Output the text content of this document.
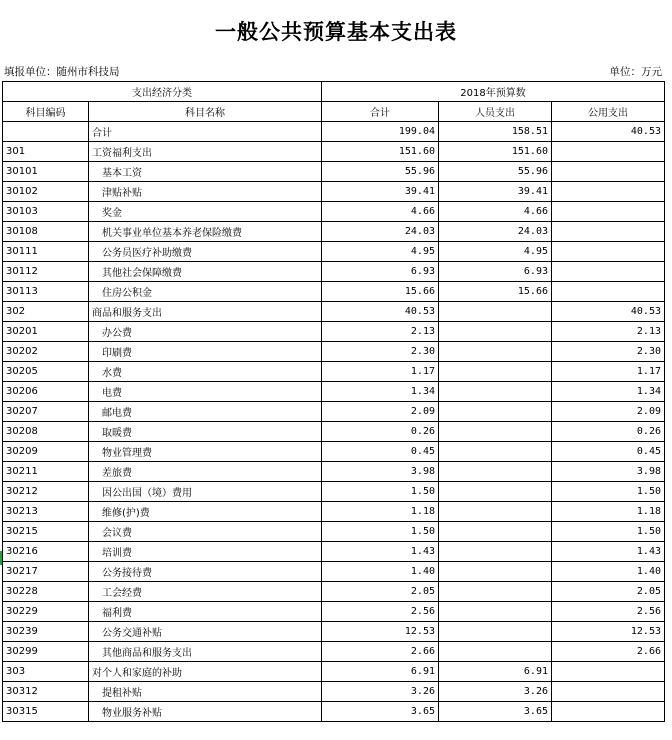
一般公共预算基本支出表
填报单位：随州市科技局	单位：万元
支出经济分类		2018年预算数		
科目编码	科目名称	合计	人员支出	公用支出
	合计	199.04	158.51	40.53
301	工资福利支出	151.60	151.60	
30101	基本工资	55.96	55.96	
30102	津贴补贴	39.41	39.41	
30103	奖金	4.66	4.66	
30108	机关事业单位基本养老保险缴费	24.03	24.03	
30111	公务员医疗补助缴费	4.95	4.95	
30112	其他社会保障缴费	6.93	6.93	
30113	住房公积金	15.66	15.66	
302	商品和服务支出	40.53		40.53
30201	办公费	2.13		2.13
30202	印刷费	2.30		2.30
30205	水费	1.17		1.17
30206	电费	1.34		1.34
30207	邮电费	2.09		2.09
30208	取暖费	0.26		0.26
30209	物业管理费	0.45		0.45
30211	差旅费	3.98		3.98
30212	因公出国（境）费用	1.50		1.50
30213	维修(护)费	1.18		1.18
30215	会议费	1.50		1.50
30216	培训费	1.43		1.43
30217	公务接待费	1.40		1.40
30228	工会经费	2.05		2.05
30229	福利费	2.56		2.56
30239	公务交通补贴	12.53		12.53
30299	其他商品和服务支出	2.66		2.66
303	对个人和家庭的补助	6.91	6.91	
30312	提租补贴	3.26	3.26	
30315	物业服务补贴	3.65	3.65	
